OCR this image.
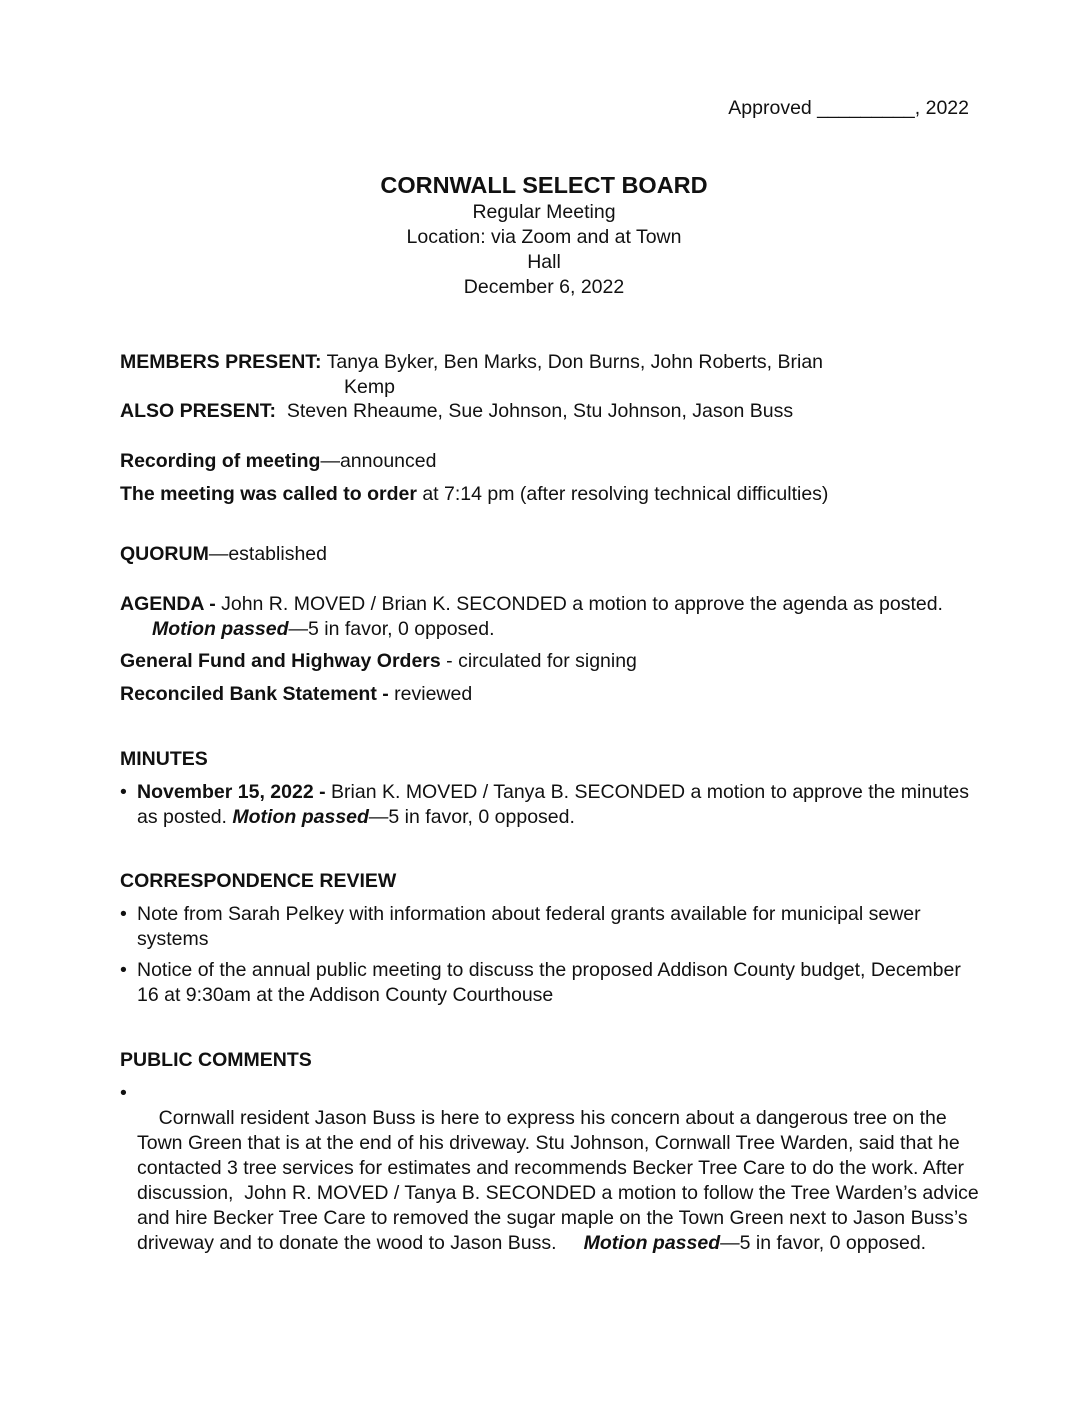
Approved _________, 2022
CORNWALL SELECT BOARD
Regular Meeting
Location: via Zoom and at Town
Hall
December 6, 2022
MEMBERS PRESENT: Tanya Byker, Ben Marks, Don Burns, John Roberts, Brian
Kemp
ALSO PRESENT: Steven Rheaume, Sue Johnson, Stu Johnson, Jason Buss
Recording of meeting—announced
The meeting was called to order at 7:14 pm (after resolving technical difficulties)
QUORUM—established
AGENDA - John R. MOVED / Brian K. SECONDED a motion to approve the agenda as posted. Motion passed—5 in favor, 0 opposed.
General Fund and Highway Orders - circulated for signing
Reconciled Bank Statement - reviewed
MINUTES
• November 15, 2022 - Brian K. MOVED / Tanya B. SECONDED a motion to approve the minutes as posted. Motion passed—5 in favor, 0 opposed.
CORRESPONDENCE REVIEW
• Note from Sarah Pelkey with information about federal grants available for municipal sewer systems
• Notice of the annual public meeting to discuss the proposed Addison County budget, December 16 at 9:30am at the Addison County Courthouse
PUBLIC COMMENTS

•
Cornwall resident Jason Buss is here to express his concern about a dangerous tree on the Town Green that is at the end of his driveway. Stu Johnson, Cornwall Tree Warden, said that he contacted 3 tree services for estimates and recommends Becker Tree Care to do the work. After discussion,  John R. MOVED / Tanya B. SECONDED a motion to follow the Tree Warden’s advice and hire Becker Tree Care to removed the sugar maple on the Town Green next to Jason Buss’s driveway and to donate the wood to Jason Buss.     Motion passed—5 in favor, 0 opposed.
